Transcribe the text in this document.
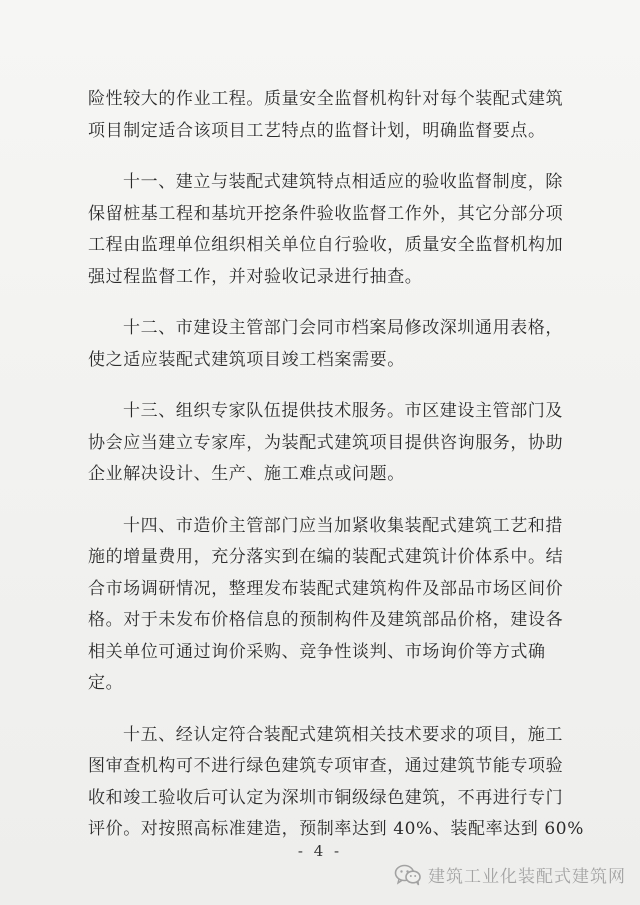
险性较大的作业工程。质量安全监督机构针对每个装配式建筑
项目制定适合该项目工艺特点的监督计划，明确监督要点。
十一、建立与装配式建筑特点相适应的验收监督制度，除
保留桩基工程和基坑开挖条件验收监督工作外，其它分部分项
工程由监理单位组织相关单位自行验收，质量安全监督机构加
强过程监督工作，并对验收记录进行抽查。
十二、市建设主管部门会同市档案局修改深圳通用表格，
使之适应装配式建筑项目竣工档案需要。
十三、组织专家队伍提供技术服务。市区建设主管部门及
协会应当建立专家库，为装配式建筑项目提供咨询服务，协助
企业解决设计、生产、施工难点或问题。
十四、市造价主管部门应当加紧收集装配式建筑工艺和措
施的增量费用，充分落实到在编的装配式建筑计价体系中。结
合市场调研情况，整理发布装配式建筑构件及部品市场区间价
格。对于未发布价格信息的预制构件及建筑部品价格，建设各
相关单位可通过询价采购、竞争性谈判、市场询价等方式确
定。
十五、经认定符合装配式建筑相关技术要求的项目，施工
图审查机构可不进行绿色建筑专项审查，通过建筑节能专项验
收和竣工验收后可认定为深圳市铜级绿色建筑，不再进行专门
评价。对按照高标准建造，预制率达到 40%、装配率达到 60%
- 4 -
建筑工业化装配式建筑网
